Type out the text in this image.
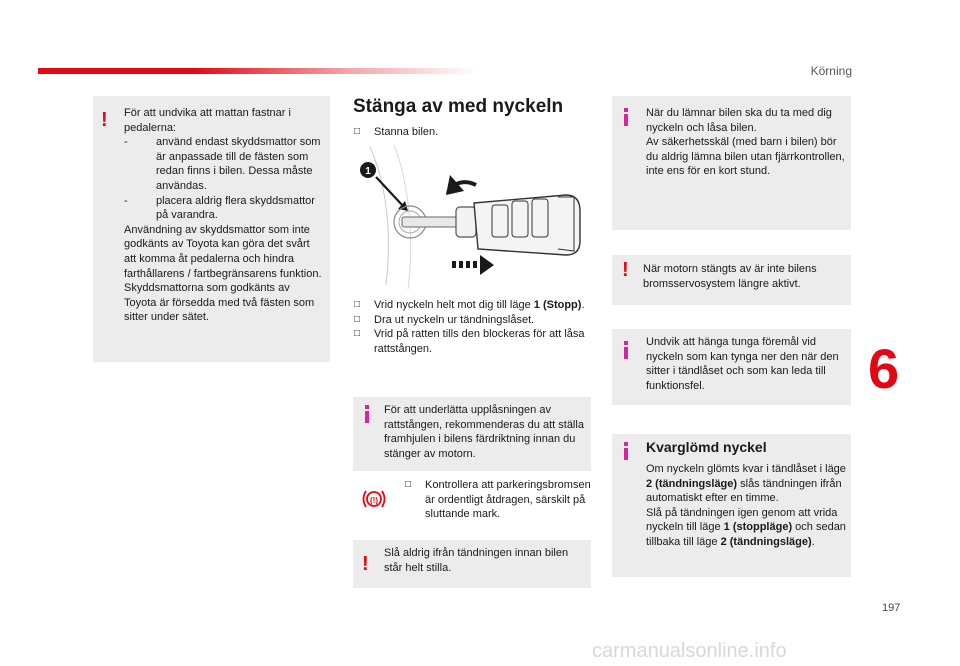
Körning
! För att undvika att mattan fastnar i pedalerna:

-	använd endast skyddsmattor som är anpassade till de fästen som redan finns i bilen. Dessa måste användas.
-	placera aldrig flera skyddsmattor på varandra.

Användning av skyddsmattor som inte godkänts av Toyota kan göra det svårt att komma åt pedalerna och hindra farthållarens / fartbegränsarens funktion.

Skyddsmattorna som godkänts av Toyota är försedda med två fästen som sitter under sätet.

Stänga av med nyckeln
□ Stanna bilen.
1
□ Vrid nyckeln helt mot dig till läge 1 (Stopp).
□ Dra ut nyckeln ur tändningslåset.
□ Vrid på ratten tills den blockeras för att låsa rattstången.

För att underlätta upplåsningen av rattstången, rekommenderas du att ställa framhjulen i bilens färdriktning innan du stänger av motorn.

(!)
□ Kontrollera att parkeringsbromsen är ordentligt åtdragen, särskilt på sluttande mark.
! Slå aldrig ifrån tändningen innan bilen står helt stilla.

När du lämnar bilen ska du ta med dig nyckeln och låsa bilen.
Av säkerhetsskäl (med barn i bilen) bör du aldrig lämna bilen utan fjärrkontrollen, inte ens för en kort stund.

! När motorn stängts av är inte bilens bromsservosystem längre aktivt.

Undvik att hänga tunga föremål vid nyckeln som kan tynga ner den när den sitter i tändlåset och som kan leda till funktionsfel.

Kvarglömd nyckel

Om nyckeln glömts kvar i tändlåset i läge 2 (tändningsläge) slås tändningen ifrån automatiskt efter en timme.

Slå på tändningen igen genom att vrida nyckeln till läge 1 (stoppläge) och sedan tillbaka till läge 2 (tändningsläge).

6
197
carmanualsonline.info
